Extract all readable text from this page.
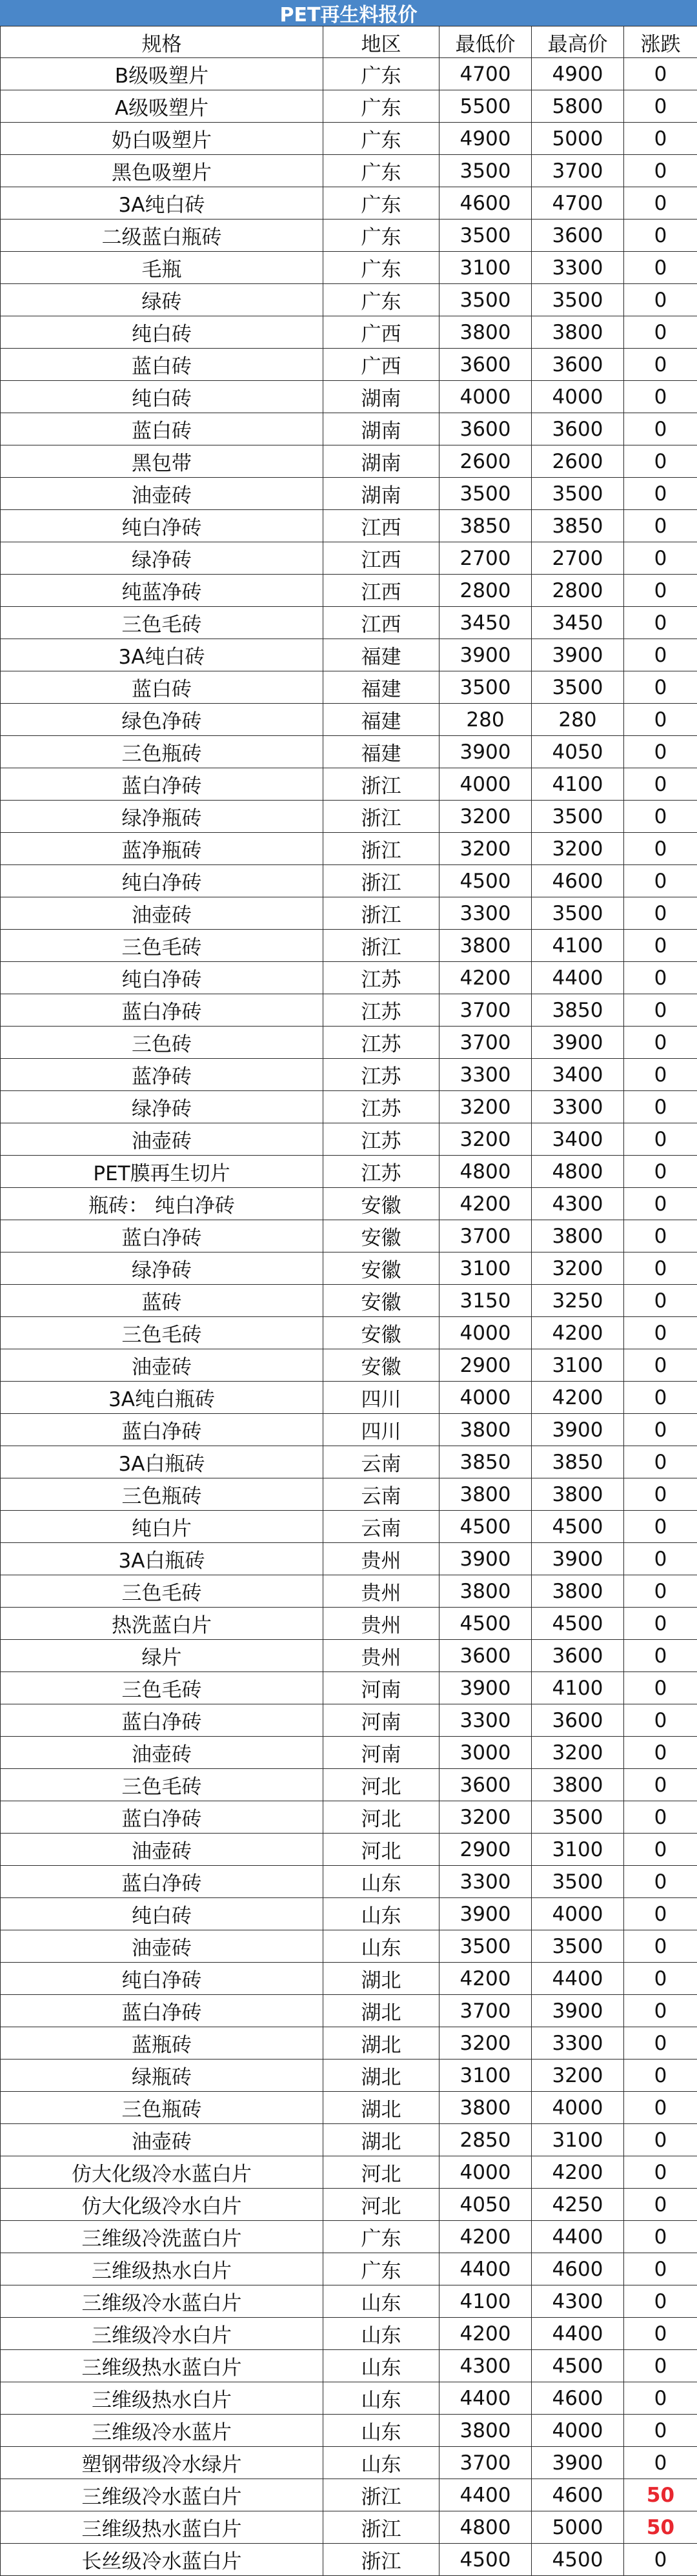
PET再生料报价
规格	地区	最低价	最高价	涨跌
B级吸塑片	广东	4700	4900	0
A级吸塑片	广东	5500	5800	0
奶白吸塑片	广东	4900	5000	0
黑色吸塑片	广东	3500	3700	0
3A纯白砖	广东	4600	4700	0
二级蓝白瓶砖	广东	3500	3600	0
毛瓶	广东	3100	3300	0
绿砖	广东	3500	3500	0
纯白砖	广西	3800	3800	0
蓝白砖	广西	3600	3600	0
纯白砖	湖南	4000	4000	0
蓝白砖	湖南	3600	3600	0
黑包带	湖南	2600	2600	0
油壶砖	湖南	3500	3500	0
纯白净砖	江西	3850	3850	0
绿净砖	江西	2700	2700	0
纯蓝净砖	江西	2800	2800	0
三色毛砖	江西	3450	3450	0
3A纯白砖	福建	3900	3900	0
蓝白砖	福建	3500	3500	0
绿色净砖	福建	280	280	0
三色瓶砖	福建	3900	4050	0
蓝白净砖	浙江	4000	4100	0
绿净瓶砖	浙江	3200	3500	0
蓝净瓶砖	浙江	3200	3200	0
纯白净砖	浙江	4500	4600	0
油壶砖	浙江	3300	3500	0
三色毛砖	浙江	3800	4100	0
纯白净砖	江苏	4200	4400	0
蓝白净砖	江苏	3700	3850	0
三色砖	江苏	3700	3900	0
蓝净砖	江苏	3300	3400	0
绿净砖	江苏	3200	3300	0
油壶砖	江苏	3200	3400	0
PET膜再生切片	江苏	4800	4800	0
瓶砖： 纯白净砖	安徽	4200	4300	0
蓝白净砖	安徽	3700	3800	0
绿净砖	安徽	3100	3200	0
蓝砖	安徽	3150	3250	0
三色毛砖	安徽	4000	4200	0
油壶砖	安徽	2900	3100	0
3A纯白瓶砖	四川	4000	4200	0
蓝白净砖	四川	3800	3900	0
3A白瓶砖	云南	3850	3850	0
三色瓶砖	云南	3800	3800	0
纯白片	云南	4500	4500	0
3A白瓶砖	贵州	3900	3900	0
三色毛砖	贵州	3800	3800	0
热洗蓝白片	贵州	4500	4500	0
绿片	贵州	3600	3600	0
三色毛砖	河南	3900	4100	0
蓝白净砖	河南	3300	3600	0
油壶砖	河南	3000	3200	0
三色毛砖	河北	3600	3800	0
蓝白净砖	河北	3200	3500	0
油壶砖	河北	2900	3100	0
蓝白净砖	山东	3300	3500	0
纯白砖	山东	3900	4000	0
油壶砖	山东	3500	3500	0
纯白净砖	湖北	4200	4400	0
蓝白净砖	湖北	3700	3900	0
蓝瓶砖	湖北	3200	3300	0
绿瓶砖	湖北	3100	3200	0
三色瓶砖	湖北	3800	4000	0
油壶砖	湖北	2850	3100	0
仿大化级冷水蓝白片	河北	4000	4200	0
仿大化级冷水白片	河北	4050	4250	0
三维级冷洗蓝白片	广东	4200	4400	0
三维级热水白片	广东	4400	4600	0
三维级冷水蓝白片	山东	4100	4300	0
三维级冷水白片	山东	4200	4400	0
三维级热水蓝白片	山东	4300	4500	0
三维级热水白片	山东	4400	4600	0
三维级冷水蓝片	山东	3800	4000	0
塑钢带级冷水绿片	山东	3700	3900	0
三维级冷水蓝白片	浙江	4400	4600	50
三维级热水蓝白片	浙江	4800	5000	50
长丝级冷水蓝白片	浙江	4500	4500	0
